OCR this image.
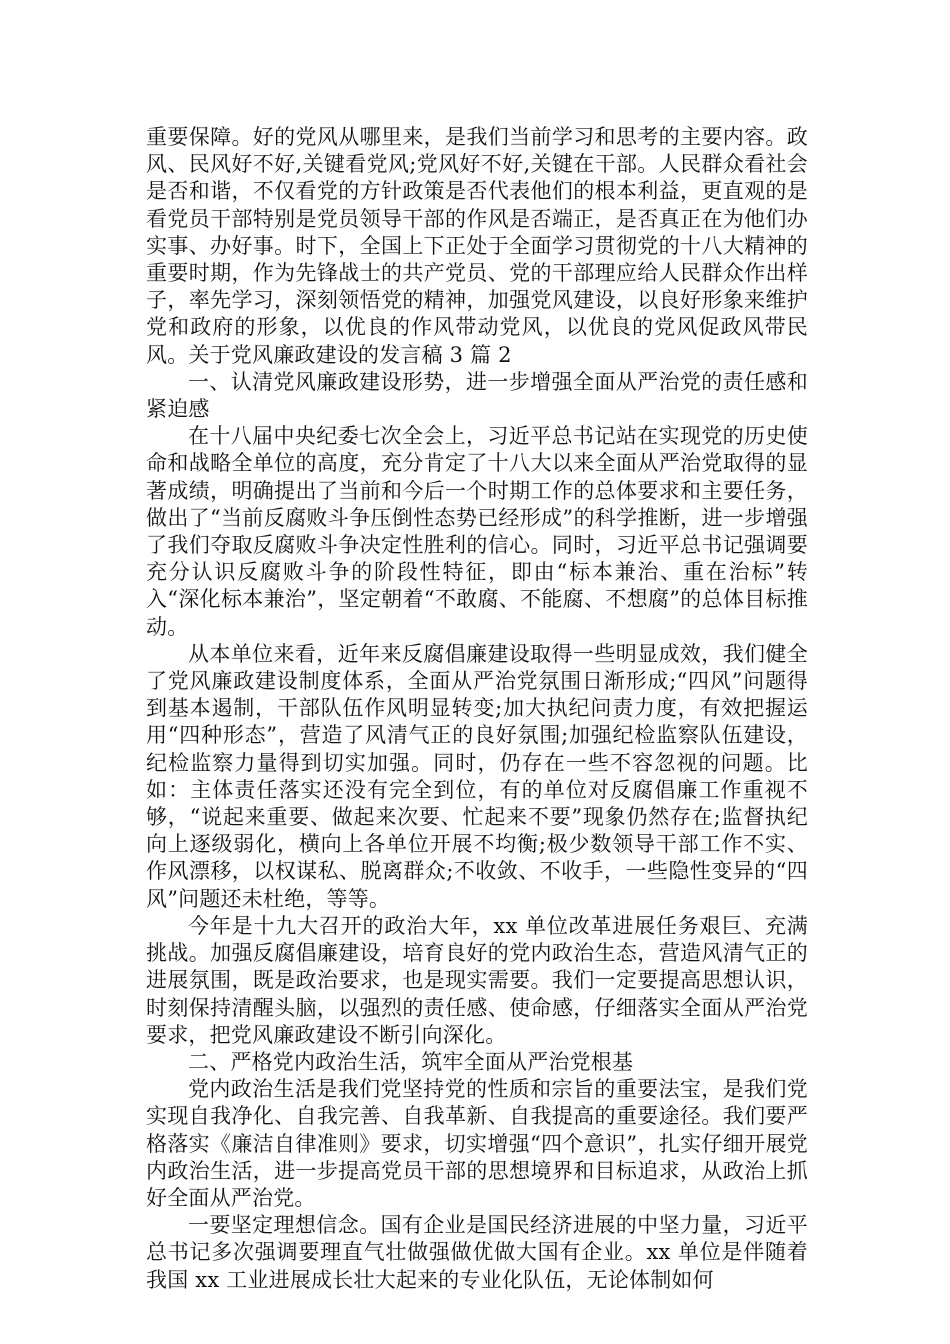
重要保障。好的党风从哪里来，是我们当前学习和思考的主要内容。政风、民风好不好,关键看党风;党风好不好,关键在干部。人民群众看社会是否和谐，不仅看党的方针政策是否代表他们的根本利益，更直观的是看党员干部特别是党员领导干部的作风是否端正，是否真正在为他们办实事、办好事。时下，全国上下正处于全面学习贯彻党的十八大精神的重要时期，作为先锋战士的共产党员、党的干部理应给人民群众作出样子，率先学习，深刻领悟党的精神，加强党风建设，以良好形象来维护党和政府的形象，以优良的作风带动党风，以优良的党风促政风带民风。关于党风廉政建设的发言稿 3 篇 2

一、认清党风廉政建设形势，进一步增强全面从严治党的责任感和紧迫感

在十八届中央纪委七次全会上，习近平总书记站在实现党的历史使命和战略全单位的高度，充分肯定了十八大以来全面从严治党取得的显著成绩，明确提出了当前和今后一个时期工作的总体要求和主要任务，做出了“当前反腐败斗争压倒性态势已经形成”的科学推断，进一步增强了我们夺取反腐败斗争决定性胜利的信心。同时，习近平总书记强调要充分认识反腐败斗争的阶段性特征，即由“标本兼治、重在治标”转入“深化标本兼治”，坚定朝着“不敢腐、不能腐、不想腐”的总体目标推动。

从本单位来看，近年来反腐倡廉建设取得一些明显成效，我们健全了党风廉政建设制度体系，全面从严治党氛围日渐形成;“四风”问题得到基本遏制，干部队伍作风明显转变;加大执纪问责力度，有效把握运用“四种形态”，营造了风清气正的良好氛围;加强纪检监察队伍建设，纪检监察力量得到切实加强。同时，仍存在一些不容忽视的问题。比如：主体责任落实还没有完全到位，有的单位对反腐倡廉工作重视不够，“说起来重要、做起来次要、忙起来不要”现象仍然存在;监督执纪向上逐级弱化，横向上各单位开展不均衡;极少数领导干部工作不实、作风漂移，以权谋私、脱离群众;不收敛、不收手，一些隐性变异的“四风”问题还未杜绝，等等。

今年是十九大召开的政治大年，xx 单位改革进展任务艰巨、充满挑战。加强反腐倡廉建设，培育良好的党内政治生态，营造风清气正的进展氛围，既是政治要求，也是现实需要。我们一定要提高思想认识，时刻保持清醒头脑，以强烈的责任感、使命感，仔细落实全面从严治党要求，把党风廉政建设不断引向深化。

二、严格党内政治生活，筑牢全面从严治党根基

党内政治生活是我们党坚持党的性质和宗旨的重要法宝，是我们党实现自我净化、自我完善、自我革新、自我提高的重要途径。我们要严格落实《廉洁自律准则》要求，切实增强“四个意识”，扎实仔细开展党内政治生活，进一步提高党员干部的思想境界和目标追求，从政治上抓好全面从严治党。

一要坚定理想信念。国有企业是国民经济进展的中坚力量，习近平总书记多次强调要理直气壮做强做优做大国有企业。xx 单位是伴随着我国 xx 工业进展成长壮大起来的专业化队伍，无论体制如何
